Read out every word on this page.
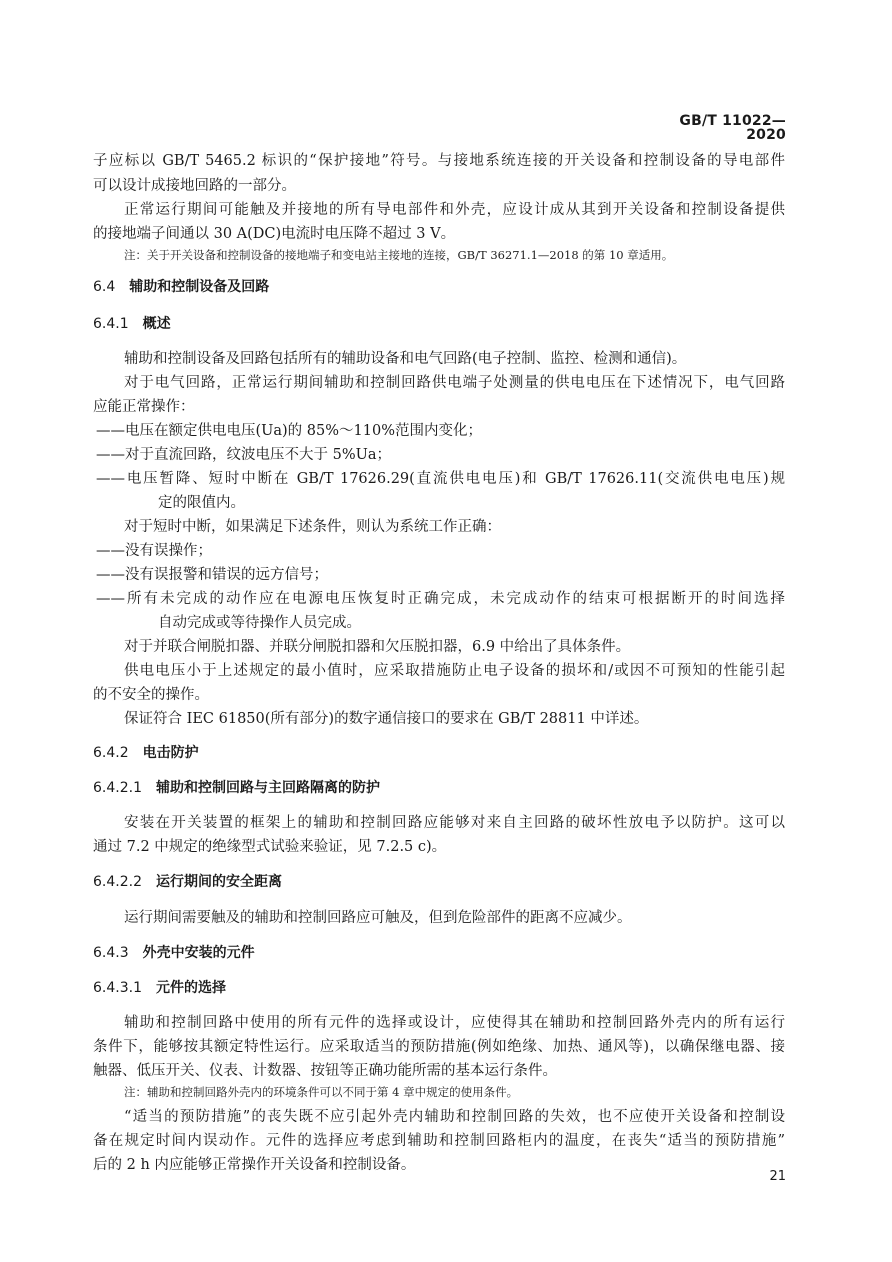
GB/T 11022—2020
子应标以 GB/T 5465.2 标识的“保护接地”符号。与接地系统连接的开关设备和控制设备的导电部件
可以设计成接地回路的一部分。
正常运行期间可能触及并接地的所有导电部件和外壳，应设计成从其到开关设备和控制设备提供
的接地端子间通以 30 A(DC)电流时电压降不超过 3 V。
注：关于开关设备和控制设备的接地端子和变电站主接地的连接，GB/T 36271.1—2018 的第 10 章适用。
6.4 辅助和控制设备及回路
6.4.1 概述
辅助和控制设备及回路包括所有的辅助设备和电气回路(电子控制、监控、检测和通信)。
对于电气回路，正常运行期间辅助和控制回路供电端子处测量的供电电压在下述情况下，电气回路
应能正常操作：
——电压在额定供电电压(Ua)的 85%～110%范围内变化；
——对于直流回路，纹波电压不大于 5%Ua；
——电压暂降、短时中断在 GB/T 17626.29(直流供电电压)和 GB/T 17626.11(交流供电电压)规
定的限值内。
对于短时中断，如果满足下述条件，则认为系统工作正确：
——没有误操作；
——没有误报警和错误的远方信号；
——所有未完成的动作应在电源电压恢复时正确完成，未完成动作的结束可根据断开的时间选择
自动完成或等待操作人员完成。
对于并联合闸脱扣器、并联分闸脱扣器和欠压脱扣器，6.9 中给出了具体条件。
供电电压小于上述规定的最小值时，应采取措施防止电子设备的损坏和/或因不可预知的性能引起
的不安全的操作。
保证符合 IEC 61850(所有部分)的数字通信接口的要求在 GB/T 28811 中详述。
6.4.2 电击防护
6.4.2.1 辅助和控制回路与主回路隔离的防护
安装在开关装置的框架上的辅助和控制回路应能够对来自主回路的破坏性放电予以防护。这可以
通过 7.2 中规定的绝缘型式试验来验证，见 7.2.5 c)。
6.4.2.2 运行期间的安全距离
运行期间需要触及的辅助和控制回路应可触及，但到危险部件的距离不应减少。
6.4.3 外壳中安装的元件
6.4.3.1 元件的选择
辅助和控制回路中使用的所有元件的选择或设计，应使得其在辅助和控制回路外壳内的所有运行
条件下，能够按其额定特性运行。应采取适当的预防措施(例如绝缘、加热、通风等)，以确保继电器、接
触器、低压开关、仪表、计数器、按钮等正确功能所需的基本运行条件。
注：辅助和控制回路外壳内的环境条件可以不同于第 4 章中规定的使用条件。
“适当的预防措施”的丧失既不应引起外壳内辅助和控制回路的失效，也不应使开关设备和控制设
备在规定时间内误动作。元件的选择应考虑到辅助和控制回路柜内的温度，在丧失“适当的预防措施”
后的 2 h 内应能够正常操作开关设备和控制设备。
21
